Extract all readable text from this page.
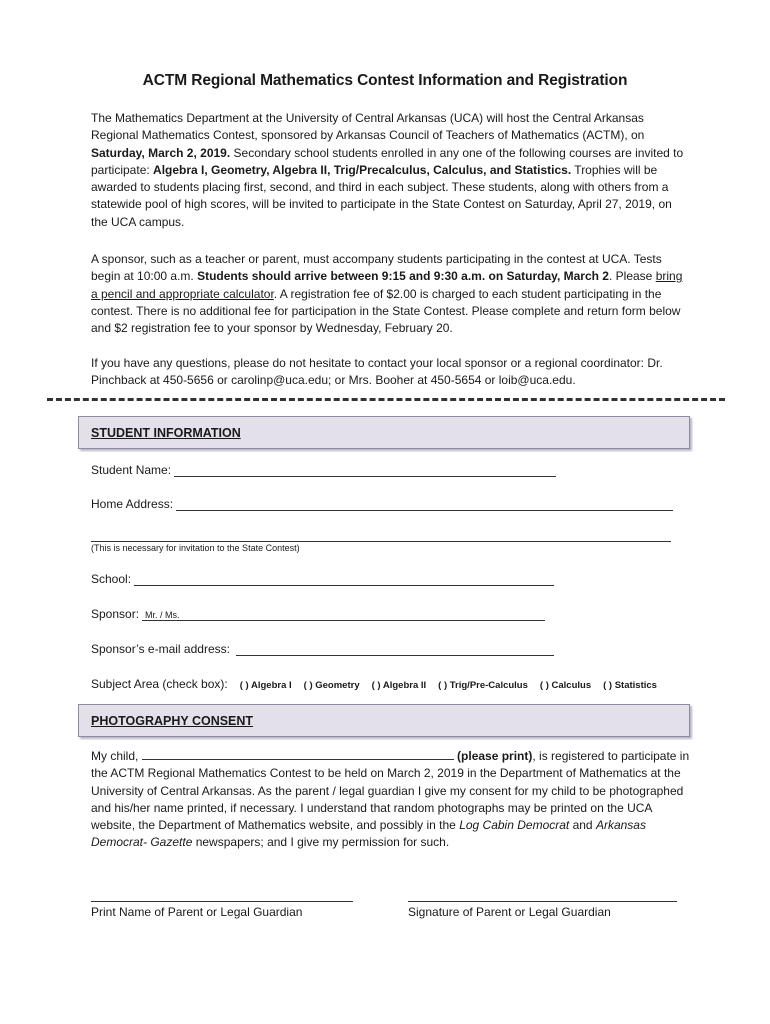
ACTM Regional Mathematics Contest Information and Registration
The Mathematics Department at the University of Central Arkansas (UCA) will host the Central Arkansas Regional Mathematics Contest, sponsored by Arkansas Council of Teachers of Mathematics (ACTM), on Saturday, March 2, 2019. Secondary school students enrolled in any one of the following courses are invited to participate: Algebra I, Geometry, Algebra II, Trig/Precalculus, Calculus, and Statistics. Trophies will be awarded to students placing first, second, and third in each subject. These students, along with others from a statewide pool of high scores, will be invited to participate in the State Contest on Saturday, April 27, 2019, on the UCA campus.
A sponsor, such as a teacher or parent, must accompany students participating in the contest at UCA. Tests begin at 10:00 a.m. Students should arrive between 9:15 and 9:30 a.m. on Saturday, March 2. Please bring a pencil and appropriate calculator. A registration fee of $2.00 is charged to each student participating in the contest. There is no additional fee for participation in the State Contest. Please complete and return form below and $2 registration fee to your sponsor by Wednesday, February 20.
If you have any questions, please do not hesitate to contact your local sponsor or a regional coordinator: Dr. Pinchback at 450-5656 or carolinp@uca.edu; or Mrs. Booher at 450-5654 or loib@uca.edu.
STUDENT INFORMATION
Student Name:
Home Address:
(This is necessary for invitation to the State Contest)
School:
Sponsor: Mr. / Ms.
Sponsor’s e-mail address:
Subject Area (check box): ( ) Algebra I ( ) Geometry ( ) Algebra II ( ) Trig/Pre-Calculus ( ) Calculus ( ) Statistics
PHOTOGRAPHY CONSENT
My child,	(please print), is registered to participate in the ACTM Regional Mathematics Contest to be held on March 2, 2019 in the Department of Mathematics at the University of Central Arkansas. As the parent / legal guardian I give my consent for my child to be photographed and his/her name printed, if necessary. I understand that random photographs may be printed on the UCA website, the Department of Mathematics website, and possibly in the Log Cabin Democrat and Arkansas Democrat- Gazette newspapers; and I give my permission for such.
Print Name of Parent or Legal Guardian	Signature of Parent or Legal Guardian
